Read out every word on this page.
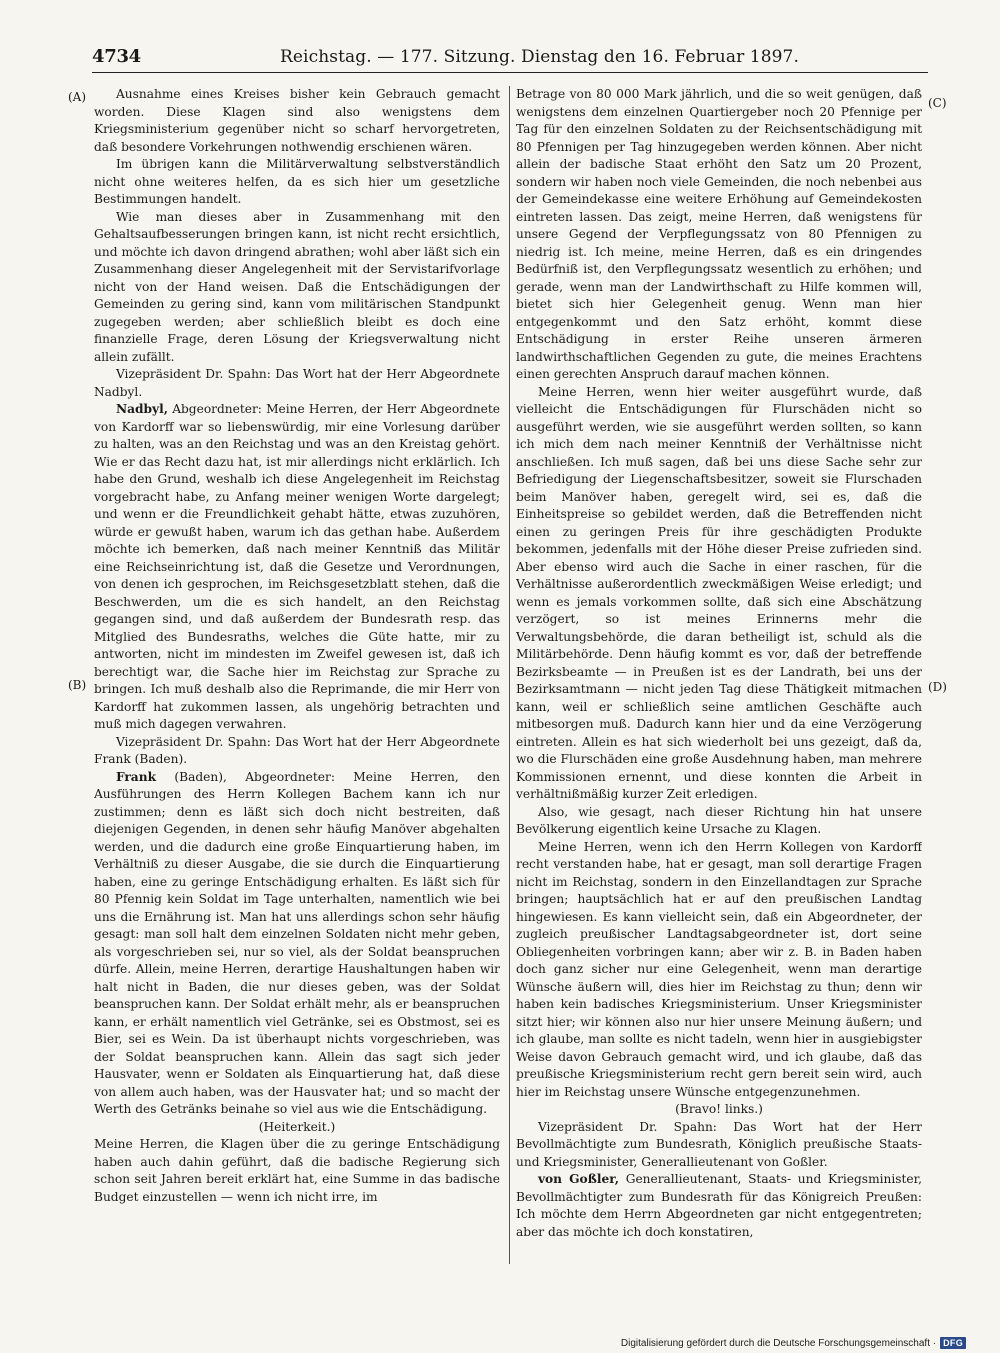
4734	Reichstag. — 177. Sitzung. Dienstag den 16. Februar 1897.
(A)
(B)
(C)
(D)

Ausnahme eines Kreises bisher kein Gebrauch gemacht worden. Diese Klagen sind also wenigstens dem Kriegsministerium gegenüber nicht so scharf hervorgetreten, daß besondere Vorkehrungen nothwendig erschienen wären.

Im übrigen kann die Militärverwaltung selbstverständlich nicht ohne weiteres helfen, da es sich hier um gesetzliche Bestimmungen handelt.

Wie man dieses aber in Zusammenhang mit den Gehaltsaufbesserungen bringen kann, ist nicht recht ersichtlich, und möchte ich davon dringend abrathen; wohl aber läßt sich ein Zusammenhang dieser Angelegenheit mit der Servistarifvorlage nicht von der Hand weisen. Daß die Entschädigungen der Gemeinden zu gering sind, kann vom militärischen Standpunkt zugegeben werden; aber schließlich bleibt es doch eine finanzielle Frage, deren Lösung der Kriegsverwaltung nicht allein zufällt.

Vizepräsident Dr. Spahn: Das Wort hat der Herr Abgeordnete Nadbyl.

Nadbyl, Abgeordneter: Meine Herren, der Herr Abgeordnete von Kardorff war so liebenswürdig, mir eine Vorlesung darüber zu halten, was an den Reichstag und was an den Kreistag gehört. Wie er das Recht dazu hat, ist mir allerdings nicht erklärlich. Ich habe den Grund, weshalb ich diese Angelegenheit im Reichstag vorgebracht habe, zu Anfang meiner wenigen Worte dargelegt; und wenn er die Freundlichkeit gehabt hätte, etwas zuzuhören, würde er gewußt haben, warum ich das gethan habe. Außerdem möchte ich bemerken, daß nach meiner Kenntniß das Militär eine Reichseinrichtung ist, daß die Gesetze und Verordnungen, von denen ich gesprochen, im Reichsgesetzblatt stehen, daß die Beschwerden, um die es sich handelt, an den Reichstag gegangen sind, und daß außerdem der Bundesrath resp. das Mitglied des Bundesraths, welches die Güte hatte, mir zu antworten, nicht im mindesten im Zweifel gewesen ist, daß ich berechtigt war, die Sache hier im Reichstag zur Sprache zu bringen. Ich muß deshalb also die Reprimande, die mir Herr von Kardorff hat zukommen lassen, als ungehörig betrachten und muß mich dagegen verwahren.

Vizepräsident Dr. Spahn: Das Wort hat der Herr Abgeordnete Frank (Baden).

Frank (Baden), Abgeordneter: Meine Herren, den Ausführungen des Herrn Kollegen Bachem kann ich nur zustimmen; denn es läßt sich doch nicht bestreiten, daß diejenigen Gegenden, in denen sehr häufig Manöver abgehalten werden, und die dadurch eine große Einquartierung haben, im Verhältniß zu dieser Ausgabe, die sie durch die Einquartierung haben, eine zu geringe Entschädigung erhalten. Es läßt sich für 80 Pfennig kein Soldat im Tage unterhalten, namentlich wie bei uns die Ernährung ist. Man hat uns allerdings schon sehr häufig gesagt: man soll halt dem einzelnen Soldaten nicht mehr geben, als vorgeschrieben sei, nur so viel, als der Soldat beanspruchen dürfe. Allein, meine Herren, derartige Haushaltungen haben wir halt nicht in Baden, die nur dieses geben, was der Soldat beanspruchen kann. Der Soldat erhält mehr, als er beanspruchen kann, er erhält namentlich viel Getränke, sei es Obstmost, sei es Bier, sei es Wein. Da ist überhaupt nichts vorgeschrieben, was der Soldat beanspruchen kann. Allein das sagt sich jeder Hausvater, wenn er Soldaten als Einquartierung hat, daß diese von allem auch haben, was der Hausvater hat; und so macht der Werth des Getränks beinahe so viel aus wie die Entschädigung.

(Heiterkeit.)

Meine Herren, die Klagen über die zu geringe Entschädigung haben auch dahin geführt, daß die badische Regierung sich schon seit Jahren bereit erklärt hat, eine Summe in das badische Budget einzustellen — wenn ich nicht irre, im

Betrage von 80 000 Mark jährlich, und die so weit genügen, daß wenigstens dem einzelnen Quartiergeber noch 20 Pfennige per Tag für den einzelnen Soldaten zu der Reichsentschädigung mit 80 Pfennigen per Tag hinzugegeben werden können. Aber nicht allein der badische Staat erhöht den Satz um 20 Prozent, sondern wir haben noch viele Gemeinden, die noch nebenbei aus der Gemeindekasse eine weitere Erhöhung auf Gemeindekosten eintreten lassen. Das zeigt, meine Herren, daß wenigstens für unsere Gegend der Verpflegungssatz von 80 Pfennigen zu niedrig ist. Ich meine, meine Herren, daß es ein dringendes Bedürfniß ist, den Verpflegungssatz wesentlich zu erhöhen; und gerade, wenn man der Landwirthschaft zu Hilfe kommen will, bietet sich hier Gelegenheit genug. Wenn man hier entgegenkommt und den Satz erhöht, kommt diese Entschädigung in erster Reihe unseren ärmeren landwirthschaftlichen Gegenden zu gute, die meines Erachtens einen gerechten Anspruch darauf machen können.

Meine Herren, wenn hier weiter ausgeführt wurde, daß vielleicht die Entschädigungen für Flurschäden nicht so ausgeführt werden, wie sie ausgeführt werden sollten, so kann ich mich dem nach meiner Kenntniß der Verhältnisse nicht anschließen. Ich muß sagen, daß bei uns diese Sache sehr zur Befriedigung der Liegenschaftsbesitzer, soweit sie Flurschaden beim Manöver haben, geregelt wird, sei es, daß die Einheitspreise so gebildet werden, daß die Betreffenden nicht einen zu geringen Preis für ihre geschädigten Produkte bekommen, jedenfalls mit der Höhe dieser Preise zufrieden sind. Aber ebenso wird auch die Sache in einer raschen, für die Verhältnisse außerordentlich zweckmäßigen Weise erledigt; und wenn es jemals vorkommen sollte, daß sich eine Abschätzung verzögert, so ist meines Erinnerns mehr die Verwaltungsbehörde, die daran betheiligt ist, schuld als die Militärbehörde. Denn häufig kommt es vor, daß der betreffende Bezirksbeamte — in Preußen ist es der Landrath, bei uns der Bezirksamtmann — nicht jeden Tag diese Thätigkeit mitmachen kann, weil er schließlich seine amtlichen Geschäfte auch mitbesorgen muß. Dadurch kann hier und da eine Verzögerung eintreten. Allein es hat sich wiederholt bei uns gezeigt, daß da, wo die Flurschäden eine große Ausdehnung haben, man mehrere Kommissionen ernennt, und diese konnten die Arbeit in verhältnißmäßig kurzer Zeit erledigen.

Also, wie gesagt, nach dieser Richtung hin hat unsere Bevölkerung eigentlich keine Ursache zu Klagen.

Meine Herren, wenn ich den Herrn Kollegen von Kardorff recht verstanden habe, hat er gesagt, man soll derartige Fragen nicht im Reichstag, sondern in den Einzellandtagen zur Sprache bringen; hauptsächlich hat er auf den preußischen Landtag hingewiesen. Es kann vielleicht sein, daß ein Abgeordneter, der zugleich preußischer Landtagsabgeordneter ist, dort seine Obliegenheiten vorbringen kann; aber wir z. B. in Baden haben doch ganz sicher nur eine Gelegenheit, wenn man derartige Wünsche äußern will, dies hier im Reichstag zu thun; denn wir haben kein badisches Kriegsministerium. Unser Kriegsminister sitzt hier; wir können also nur hier unsere Meinung äußern; und ich glaube, man sollte es nicht tadeln, wenn hier in ausgiebigster Weise davon Gebrauch gemacht wird, und ich glaube, daß das preußische Kriegsministerium recht gern bereit sein wird, auch hier im Reichstag unsere Wünsche entgegenzunehmen.

(Bravo! links.)

Vizepräsident Dr. Spahn: Das Wort hat der Herr Bevollmächtigte zum Bundesrath, Königlich preußische Staats- und Kriegsminister, Generallieutenant von Goßler.

von Goßler, Generallieutenant, Staats- und Kriegsminister, Bevollmächtigter zum Bundesrath für das Königreich Preußen: Ich möchte dem Herrn Abgeordneten gar nicht entgegentreten; aber das möchte ich doch konstatiren,

Digitalisierung gefördert durch die Deutsche Forschungsgemeinschaft · DFG
